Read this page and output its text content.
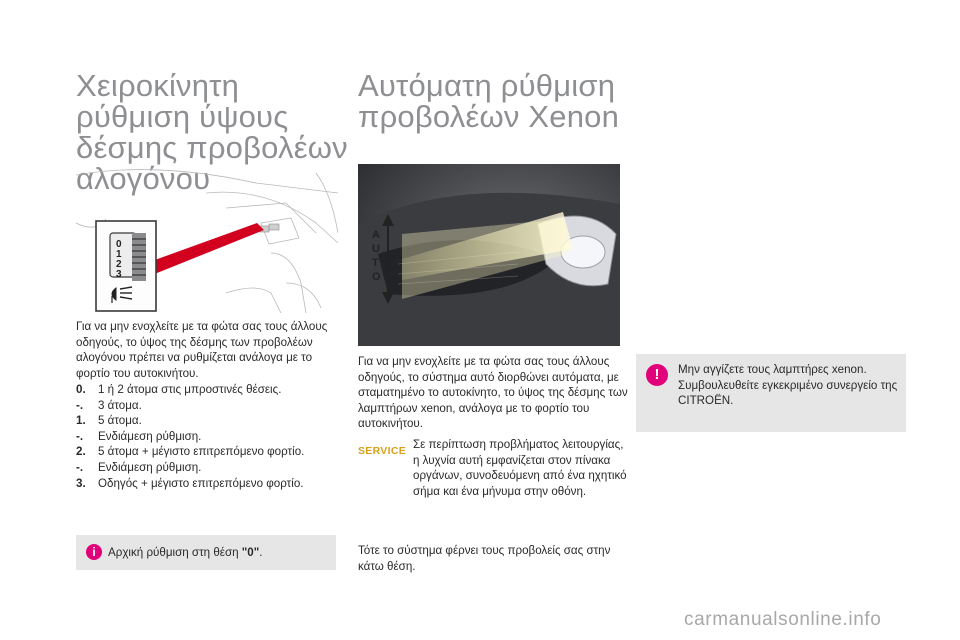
Χειροκίνητη ρύθμιση ύψους δέσμης προβολέων αλογόνου
Αυτόματη ρύθμιση προβολέων Xenon
0
1
2
3
A
U
T
O

Για να μην ενοχλείτε με τα φώτα σας τους άλλους οδηγούς, το ύψος της δέσμης των προβολέων αλογόνου πρέπει να ρυθμίζεται ανάλογα με το φορτίο του αυτοκινήτου.

0.	1 ή 2 άτομα στις μπροστινές θέσεις.
-.	3 άτομα.
1.	5 άτομα.
-.	Ενδιάμεση ρύθμιση.
2.	5 άτομα + μέγιστο επιτρεπόμενο φορτίο.
-.	Ενδιάμεση ρύθμιση.
3.	Οδηγός + μέγιστο επιτρεπόμενο φορτίο.
i	Αρχική ρύθμιση στη θέση "0".

Για να μην ενοχλείτε με τα φώτα σας τους άλλους οδηγούς, το σύστημα αυτό διορθώνει αυτόματα, με σταματημένο το αυτοκίνητο, το ύψος της δέσμης των λαμπτήρων xenon, ανάλογα με το φορτίο του αυτοκινήτου.

SERVICE Σε περίπτωση προβλήματος λειτουργίας, η λυχνία αυτή εμφανίζεται στον πίνακα οργάνων, συνοδευόμενη από ένα ηχητικό σήμα και ένα μήνυμα στην οθόνη.

Τότε το σύστημα φέρνει τους προβολείς σας στην κάτω θέση.

!	Μην αγγίζετε τους λαμπτήρες xenon. Συμβουλευθείτε εγκεκριμένο συνεργείο της CITROËN.

carmanualsonline.info
